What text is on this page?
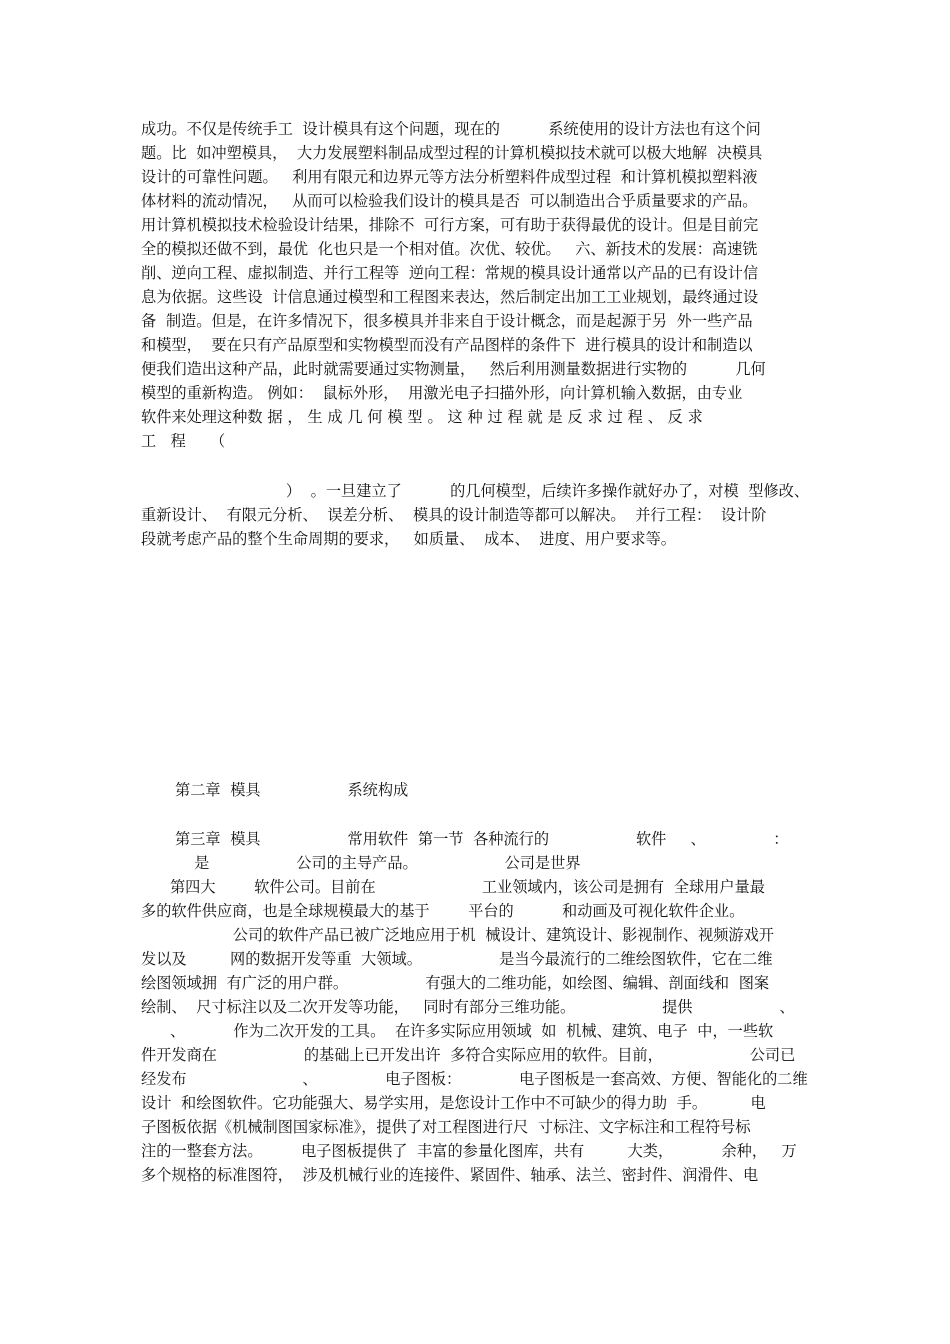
成功。不仅是传统手工  设计模具有这个问题，现在的          系统使用的设计方法也有这个问
题。比  如冲塑模具，  大力发展塑料制品成型过程的计算机模拟技术就可以极大地解  决模具
设计的可靠性问题。   利用有限元和边界元等方法分析塑料件成型过程  和计算机模拟塑料液
体材料的流动情况，   从而可以检验我们设计的模具是否  可以制造出合乎质量要求的产品。
用计算机模拟技术检验设计结果，排除不  可行方案，可有助于获得最优的设计。但是目前完
全的模拟还做不到，最优  化也只是一个相对值。次优、较优。   六、新技术的发展：高速铣
削、逆向工程、虚拟制造、并行工程等  逆向工程：常规的模具设计通常以产品的已有设计信
息为依据。这些设  计信息通过模型和工程图来表达，然后制定出加工工业规划，最终通过设
备  制造。但是，在许多情况下，很多模具并非来自于设计概念，而是起源于另  外一些产品
和模型，  要在只有产品原型和实物模型而没有产品图样的条件下  进行模具的设计和制造以
便我们造出这种产品，此时就需要通过实物测量，   然后利用测量数据进行实物的          几何
模型的重新构造。 例如：  鼠标外形，  用激光电子扫描外形，向计算机输入数据，由专业
软件来处理这种数 据 ， 生 成 几 何 模 型 。 这 种 过 程 就 是 反 求 过 程 、 反 求
工   程     （
）  。一旦建立了          的几何模型，后续许多操作就好办了，对模  型修改、
重新设计、  有限元分析、  误差分析、  模具的设计制造等都可以解决。  并行工程：  设计阶
段就考虑产品的整个生命周期的要求，   如质量、  成本、  进度、用户要求等。
第二章  模具                  系统构成
第三章  模具                  常用软件  第一节  各种流行的                  软件     、              ：
是                  公司的主导产品。                  公司是世界
第四大        软件公司。目前在                      工业领域内，该公司是拥有  全球用户量最
多的软件供应商，也是全球规模最大的基于        平台的          和动画及可视化软件企业。
公司的软件产品已被广泛地应用于机  械设计、建筑设计、影视制作、视频游戏开
发以及         网的数据开发等重  大领域。                是当今最流行的二维绘图软件，它在二维
绘图领域拥  有广泛的用户群。                有强大的二维功能，如绘图、编辑、剖面线和  图案
绘制、  尺寸标注以及二次开发等功能，   同时有部分三维功能。                  提供                  、
、          作为二次开发的工具。  在许多实际应用领域  如  机械、建筑、电子  中，一些软
件开发商在                  的基础上已开发出许  多符合实际应用的软件。目前，                  公司已
经发布                        、              电子图板：            电子图板是一套高效、方便、智能化的二维
设计  和绘图软件。它功能强大、易学实用，是您设计工作中不可缺少的得力助  手。         电
子图板依据《机械制图国家标准》，提供了对工程图进行尺  寸标注、文字标注和工程符号标
注的一整套方法。        电子图板提供了  丰富的参量化图库，共有         大类，          余种，   万
多个规格的标准图符，  涉及机械行业的连接件、紧固件、轴承、法兰、密封件、润滑件、电
